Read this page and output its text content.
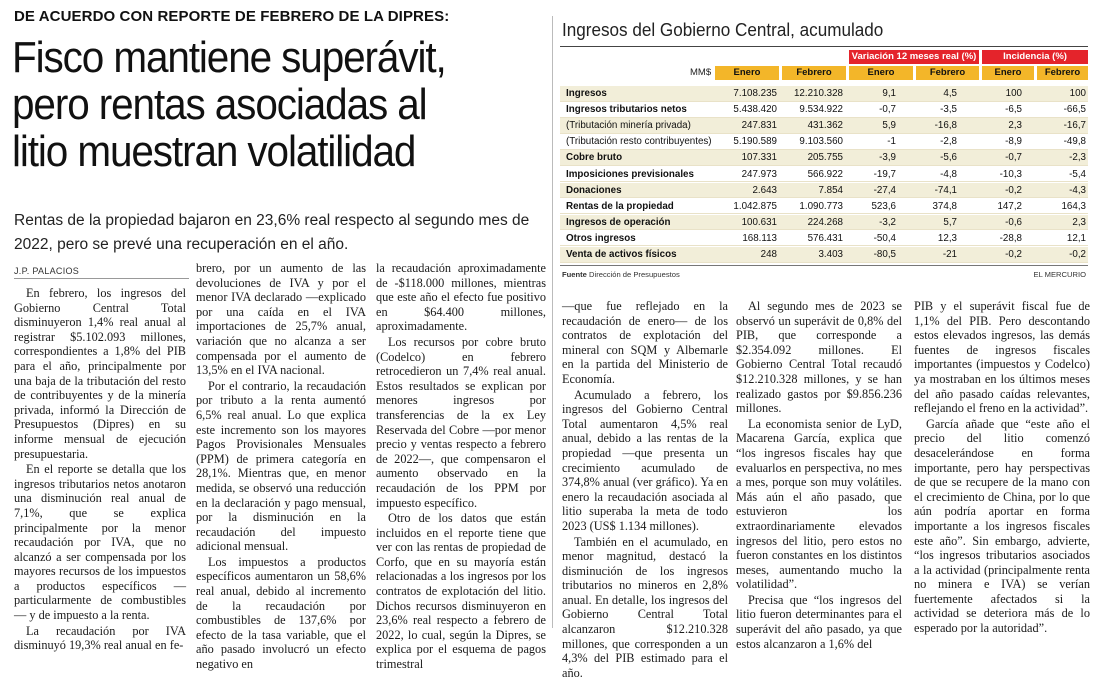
DE ACUERDO CON REPORTE DE FEBRERO DE LA DIPRES:
Fisco mantiene superávit, pero rentas asociadas al litio muestran volatilidad
Rentas de la propiedad bajaron en 23,6% real respecto al segundo mes de 2022, pero se prevé una recuperación en el año.
J.P. PALACIOS

En febrero, los ingresos del Gobierno Central Total disminuyeron 1,4% real anual al registrar $5.102.093 millones, correspondientes a 1,8% del PIB para el año, principalmente por una baja de la tributación del resto de contribuyentes y de la minería privada, informó la Dirección de Presupuestos (Dipres) en su informe mensual de ejecución presupuestaria.

En el reporte se detalla que los ingresos tributarios netos anotaron una disminución real anual de 7,1%, que se explica principalmente por la menor recaudación por IVA, que no alcanzó a ser compensada por los mayores recursos de los impuestos a productos específicos —particularmente de combustibles— y de impuesto a la renta.

La recaudación por IVA disminuyó 19,3% real anual en fe-

brero, por un aumento de las devoluciones de IVA y por el menor IVA declarado —explicado por una caída en el IVA importaciones de 25,7% anual, variación que no alcanza a ser compensada por el aumento de 13,5% en el IVA nacional.

Por el contrario, la recaudación por tributo a la renta aumentó 6,5% real anual. Lo que explica este incremento son los mayores Pagos Provisionales Mensuales (PPM) de primera categoría en 28,1%. Mientras que, en menor medida, se observó una reducción en la declaración y pago mensual, por la disminución en la recaudación del impuesto adicional mensual.

Los impuestos a productos específicos aumentaron un 58,6% real anual, debido al incremento de la recaudación por combustibles de 137,6% por efecto de la tasa variable, que el año pasado involucró un efecto negativo en

la recaudación aproximadamente de -$118.000 millones, mientras que este año el efecto fue positivo en $64.400 millones, aproximadamente.

Los recursos por cobre bruto (Codelco) en febrero retrocedieron un 7,4% real anual. Estos resultados se explican por menores ingresos por transferencias de la ex Ley Reservada del Cobre —por menor precio y ventas respecto a febrero de 2022—, que compensaron el aumento observado en la recaudación de los PPM por impuesto específico.

Otro de los datos que están incluidos en el reporte tiene que ver con las rentas de propiedad de Corfo, que en su mayoría están relacionadas a los ingresos por los contratos de explotación del litio. Dichos recursos disminuyeron en 23,6% real respecto a febrero de 2022, lo cual, según la Dipres, se explica por el esquema de pagos trimestral

—que fue reflejado en la recaudación de enero— de los contratos de explotación del mineral con SQM y Albemarle en la partida del Ministerio de Economía.

Acumulado a febrero, los ingresos del Gobierno Central Total aumentaron 4,5% real anual, debido a las rentas de la propiedad —que presenta un crecimiento acumulado de 374,8% anual (ver gráfico). Ya en enero la recaudación asociada al litio superaba la meta de todo 2023 (US$ 1.134 millones).

También en el acumulado, en menor magnitud, destacó la disminución de los ingresos tributarios no mineros en 2,8% anual. En detalle, los ingresos del Gobierno Central Total alcanzaron $12.210.328 millones, que corresponden a un 4,3% del PIB estimado para el año.

Al segundo mes de 2023 se observó un superávit de 0,8% del PIB, que corresponde a $2.354.092 millones. El Gobierno Central Total recaudó $12.210.328 millones, y se han realizado gastos por $9.856.236 millones.

La economista senior de LyD, Macarena García, explica que “los ingresos fiscales hay que evaluarlos en perspectiva, no mes a mes, porque son muy volátiles. Más aún el año pasado, que estuvieron los extraordinariamente elevados ingresos del litio, pero estos no fueron constantes en los distintos meses, aumentando mucho la volatilidad”.

Precisa que “los ingresos del litio fueron determinantes para el superávit del año pasado, ya que estos alcanzaron a 1,6% del

PIB y el superávit fiscal fue de 1,1% del PIB. Pero descontando estos elevados ingresos, las demás fuentes de ingresos fiscales importantes (impuestos y Codelco) ya mostraban en los últimos meses del año pasado caídas relevantes, reflejando el freno en la actividad”.

García añade que “este año el precio del litio comenzó desacelerándose en forma importante, pero hay perspectivas de que se recupere de la mano con el crecimiento de China, por lo que aún podría aportar en forma importante a los ingresos fiscales este año”. Sin embargo, advierte, “los ingresos tributarios asociados a la actividad (principalmente renta no minera e IVA) se verían fuertemente afectados si la actividad se deteriora más de lo esperado por la autoridad”.

Ingresos del Gobierno Central, acumulado
Variación 12 meses real (%)	Incidencia (%)
MM$	Enero	Febrero	Enero	Febrero	Enero	Febrero
Ingresos	7.108.235 12.210.328	9,1	4,5	100	100
Ingresos tributarios netos	5.438.420 9.534.922	-0,7	-3,5	-6,5	-66,5
(Tributación minería privada)	247.831	431.362	5,9	-16,8	2,3	-16,7
(Tributación resto contribuyentes) 5.190.589 9.103.560	-1	-2,8	-8,9	-49,8
Cobre bruto	107.331	205.755	-3,9	-5,6	-0,7	-2,3
Imposiciones previsionales	247.973	566.922	-19,7	-4,8	-10,3	-5,4
Donaciones	2.643	7.854	-27,4	-74,1	-0,2	-4,3
Rentas de la propiedad	1.042.875 1.090.773	523,6	374,8	147,2	164,3
Ingresos de operación	100.631	224.268	-3,2	5,7	-0,6	2,3
Otros ingresos	168.113	576.431	-50,4	12,3	-28,8	12,1
Venta de activos físicos	248	3.403	-80,5	-21	-0,2	-0,2
Fuente Dirección de Presupuestos	EL MERCURIO
